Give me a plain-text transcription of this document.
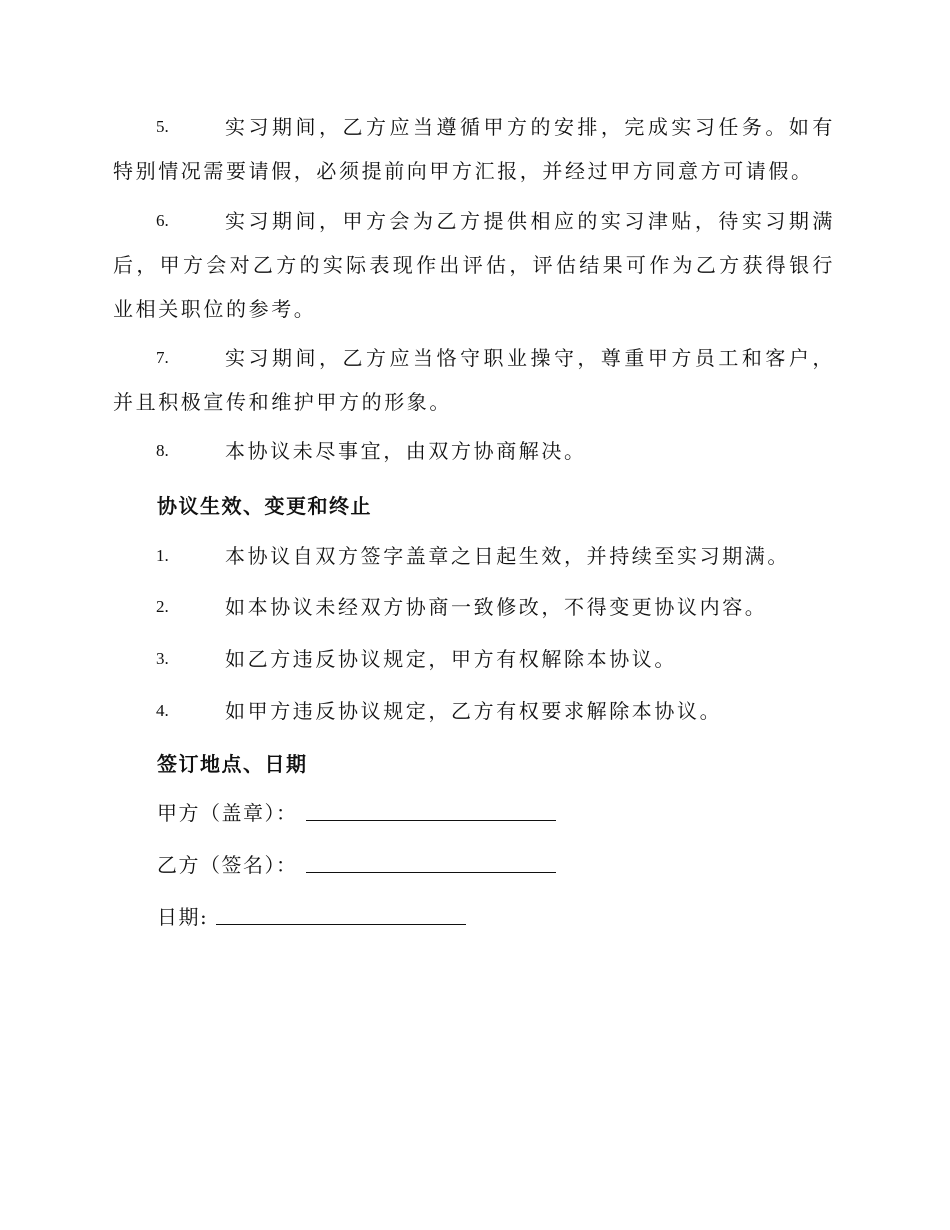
5.	实习期间，乙方应当遵循甲方的安排，完成实习任务。如有特别情况需要请假，必须提前向甲方汇报，并经过甲方同意方可请假。
6.	实习期间，甲方会为乙方提供相应的实习津贴，待实习期满后，甲方会对乙方的实际表现作出评估，评估结果可作为乙方获得银行业相关职位的参考。
7.	实习期间，乙方应当恪守职业操守，尊重甲方员工和客户，并且积极宣传和维护甲方的形象。
8.	本协议未尽事宜，由双方协商解决。
协议生效、变更和终止
1.	本协议自双方签字盖章之日起生效，并持续至实习期满。
2.	如本协议未经双方协商一致修改，不得变更协议内容。
3.	如乙方违反协议规定，甲方有权解除本协议。
4.	如甲方违反协议规定，乙方有权要求解除本协议。
签订地点、日期
甲方（盖章）：
乙方（签名）：
日期:
